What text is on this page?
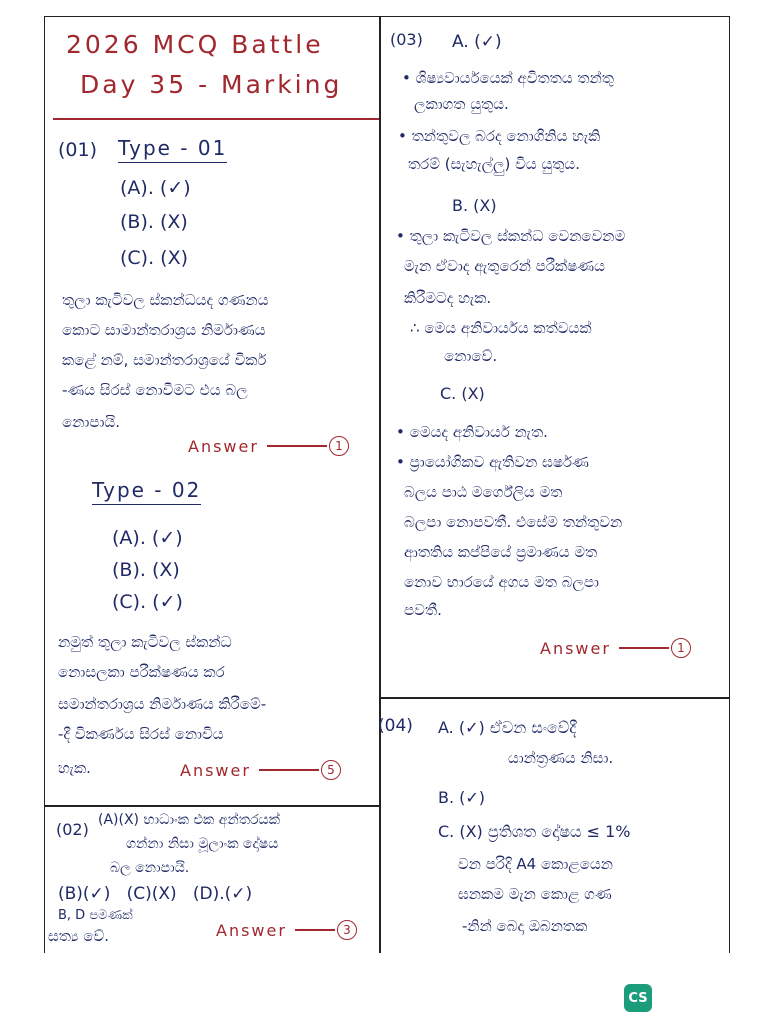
2026 MCQ Battle
Day 35 - Marking
(01) Type - 01
(A). (✓)
(B). (X)
(C). (X)
තුලා කැටිවල ස්කන්ධයද ගණනය
කොට සාමාන්තරාශ්‍රය නිර්මාණය
කළේ නම්, සමාන්තරාශ්‍රයේ විකර්
-ණය සිරස් නොවීමට එය බල
නොපායි.
Answer	1
Type - 02
(A). (✓)
(B). (X)
(C). (✓)
නමුත් තුලා කැටිවල ස්කන්ධ
නොසලකා පරීක්ෂණය කර
සමාන්තරාශ්‍රය නිර්මාණය කිරීමේ-
-දී විකර්ණය සිරස් නොවිය
හැක.	Answer	5
(02) (A)(X) භාධාංක එක අන්තරයක්
ගන්නා නිසා මූලාංක දෝෂය
බල නොපායි.
(B)(✓)   (C)(X)   (D).(✓)
B, D පමණක්
සත්‍ය වේ.	Answer	3
(03) A. (✓)
• ශිෂ්‍යවාර්යයෙක් අවිතතය තන්තු
ලකාගත යුතුය.
• තන්තුවල බරද නොගිනිය හැකි
තරම් (සැහැල්ලු) විය යුතුය.
B. (X)
• තුලා කැටිවල ස්කන්ධ වෙනවෙනම
මැන ඒවාද ඇතුරෙන් පරීක්ෂණය
කිරීමටද හැක.
∴ මෙය අනිවාර්යය කත්වයක්
නොවේ.
C. (X)
• මෙයද අනිවාර්ය නැත.
• ප්‍රායෝගිකව ඇතිවන ඝර්ෂණ
බලය පාඨ මර්ගේලිය මත
බලපා නොපවතී. එසේම තන්තුවන
ආතතිය කප්පියේ ප්‍රමාණය මත
නොව භාරයේ අගය මත බලපා
පවතී.
Answer	1
(04) A. (✓) ඒවන සංවේදී
යාන්ත්‍රණය නිසා.
B. (✓)
C. (X) ප්‍රතිශත දෝෂය ≤ 1%
වන පරිදි A4 කොළයෙන
ඝනකම මැන කොළ ගණ
-නින් බෙදා ඔබනතක
CS
